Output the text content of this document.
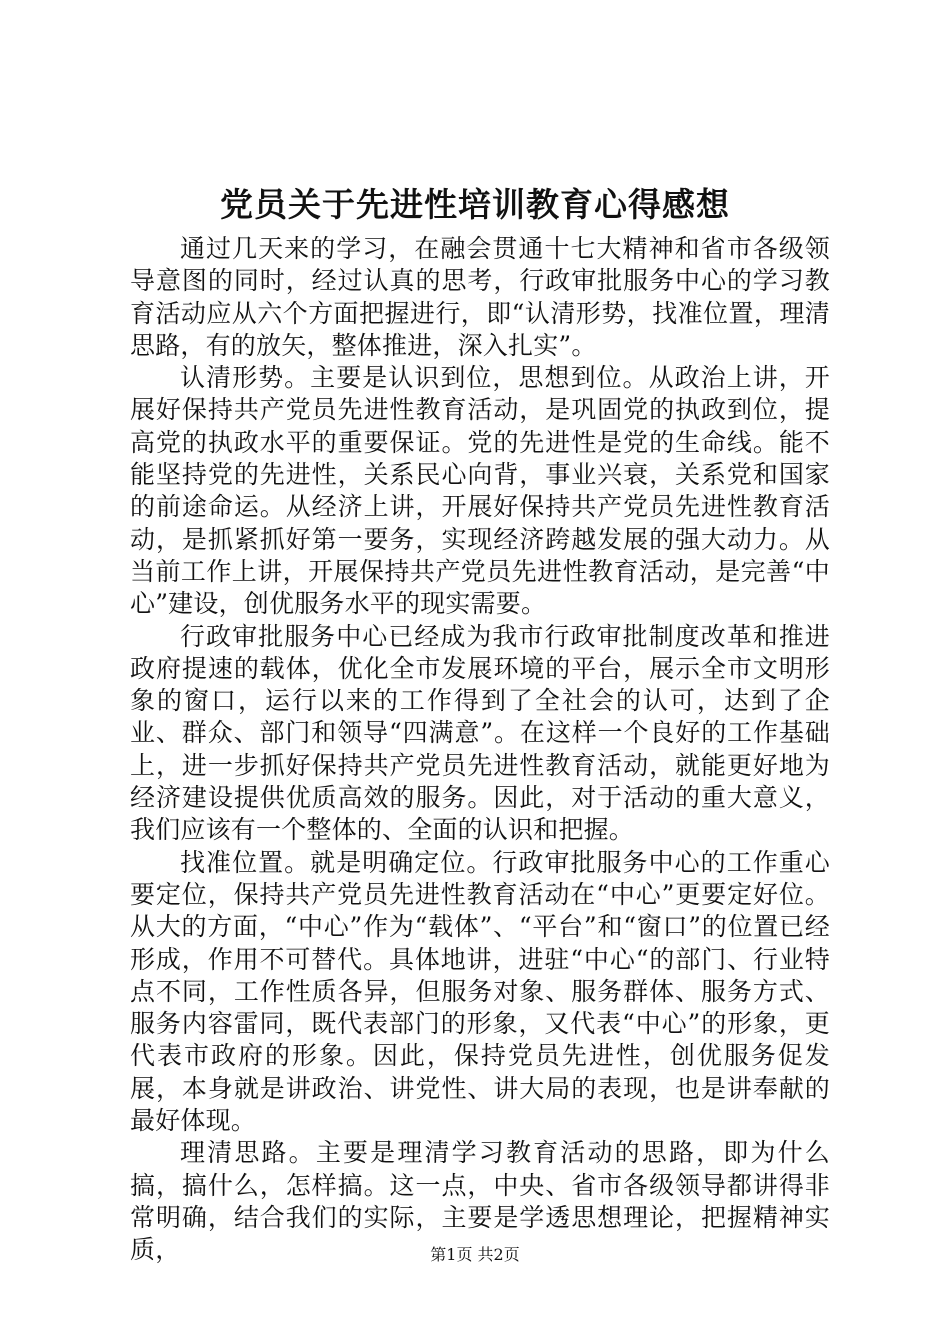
党员关于先进性培训教育心得感想

通过几天来的学习，在融会贯通十七大精神和省市各级领导意图的同时，经过认真的思考，行政审批服务中心的学习教育活动应从六个方面把握进行，即“认清形势，找准位置，理清思路，有的放矢，整体推进，深入扎实”。

认清形势。主要是认识到位，思想到位。从政治上讲，开展好保持共产党员先进性教育活动，是巩固党的执政到位，提高党的执政水平的重要保证。党的先进性是党的生命线。能不能坚持党的先进性，关系民心向背，事业兴衰，关系党和国家的前途命运。从经济上讲，开展好保持共产党员先进性教育活动，是抓紧抓好第一要务，实现经济跨越发展的强大动力。从当前工作上讲，开展保持共产党员先进性教育活动，是完善“中心”建设，创优服务水平的现实需要。

行政审批服务中心已经成为我市行政审批制度改革和推进政府提速的载体，优化全市发展环境的平台，展示全市文明形象的窗口，运行以来的工作得到了全社会的认可，达到了企业、群众、部门和领导“四满意”。在这样一个良好的工作基础上，进一步抓好保持共产党员先进性教育活动，就能更好地为经济建设提供优质高效的服务。因此，对于活动的重大意义，我们应该有一个整体的、全面的认识和把握。

找准位置。就是明确定位。行政审批服务中心的工作重心要定位，保持共产党员先进性教育活动在“中心”更要定好位。从大的方面，“中心”作为“载体”、“平台”和“窗口”的位置已经形成，作用不可替代。具体地讲，进驻“中心“的部门、行业特点不同，工作性质各异，但服务对象、服务群体、服务方式、服务内容雷同，既代表部门的形象，又代表“中心”的形象，更代表市政府的形象。因此，保持党员先进性，创优服务促发展，本身就是讲政治、讲党性、讲大局的表现，也是讲奉献的最好体现。

理清思路。主要是理清学习教育活动的思路，即为什么搞，搞什么，怎样搞。这一点，中央、省市各级领导都讲得非常明确，结合我们的实际，主要是学透思想理论，把握精神实质，	第1页 共2页
